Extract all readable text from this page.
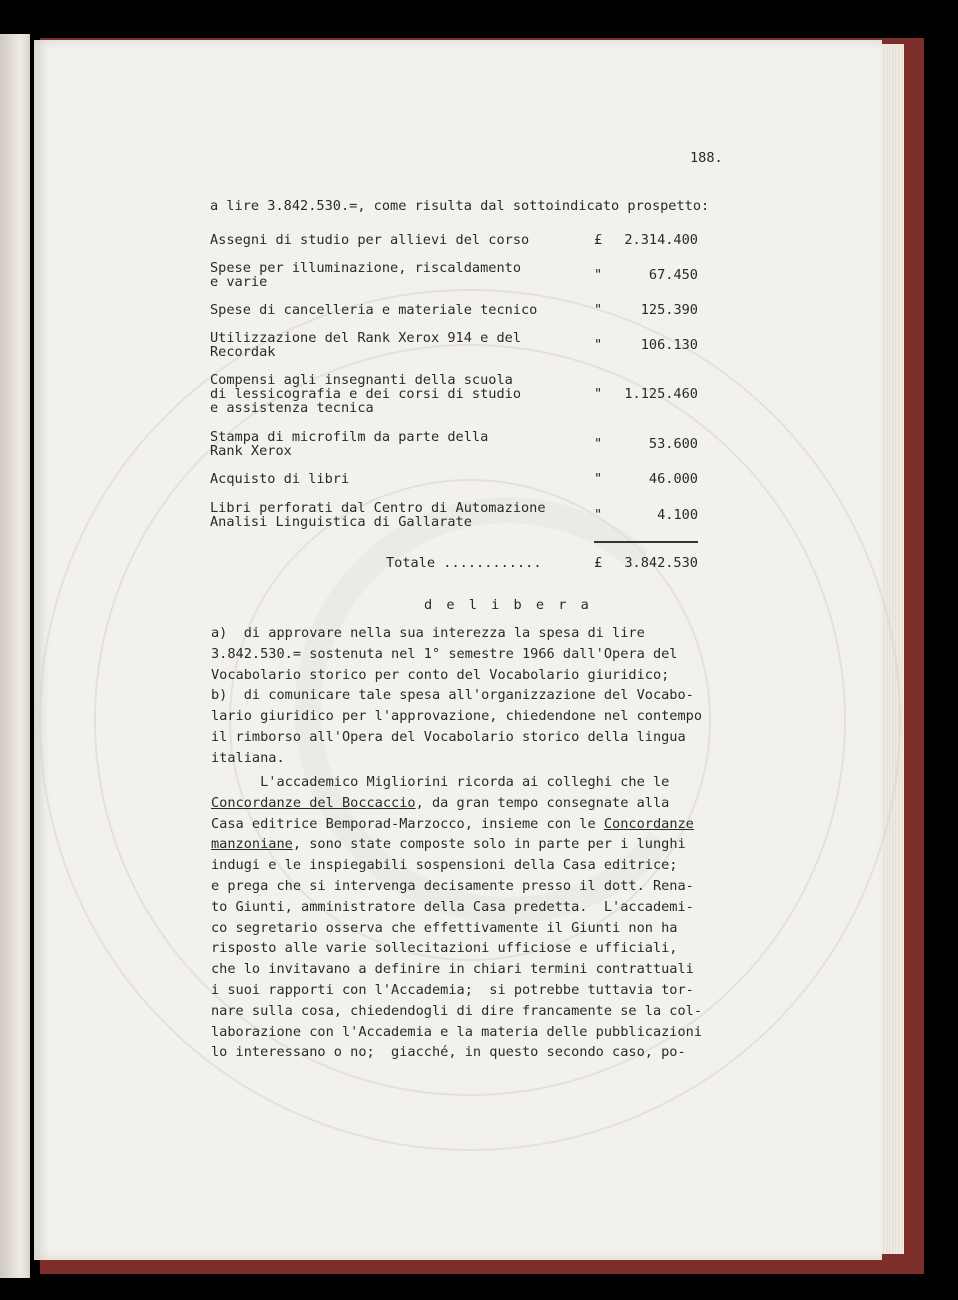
188.
a lire 3.842.530.=, come risulta dal sottoindicato prospetto:
Assegni di studio per allievi del corso	£	2.314.400
Spese per illuminazione, riscaldamento
e varie	"	67.450
Spese di cancelleria e materiale tecnico	"	125.390
Utilizzazione del Rank Xerox 914 e del
Recordak	"	106.130
Compensi agli insegnanti della scuola
di lessicografia e dei corsi di studio
e assistenza tecnica
"	1.125.460
Stampa di microfilm da parte della
Rank Xerox	"	53.600
Acquisto di libri	"	46.000
Libri perforati dal Centro di Automazione
Analisi Linguistica di Gallarate	"	4.100
Totale ............	£	3.842.530
d e l i b e r a
a)  di approvare nella sua interezza la spesa di lire
3.842.530.= sostenuta nel 1° semestre 1966 dall'Opera del
Vocabolario storico per conto del Vocabolario giuridico;
b)  di comunicare tale spesa all'organizzazione del Vocabo-
lario giuridico per l'approvazione, chiedendone nel contempo
il rimborso all'Opera del Vocabolario storico della lingua
italiana.
L'accademico Migliorini ricorda ai colleghi che le
Concordanze del Boccaccio, da gran tempo consegnate alla
Casa editrice Bemporad-Marzocco, insieme con le Concordanze
manzoniane, sono state composte solo in parte per i lunghi
indugi e le inspiegabili sospensioni della Casa editrice;
e prega che si intervenga decisamente presso il dott. Rena-
to Giunti, amministratore della Casa predetta.  L'accademi-
co segretario osserva che effettivamente il Giunti non ha
risposto alle varie sollecitazioni ufficiose e ufficiali,
che lo invitavano a definire in chiari termini contrattuali
i suoi rapporti con l'Accademia;  si potrebbe tuttavia tor-
nare sulla cosa, chiedendogli di dire francamente se la col-
laborazione con l'Accademia e la materia delle pubblicazioni
lo interessano o no;  giacché, in questo secondo caso, po-
